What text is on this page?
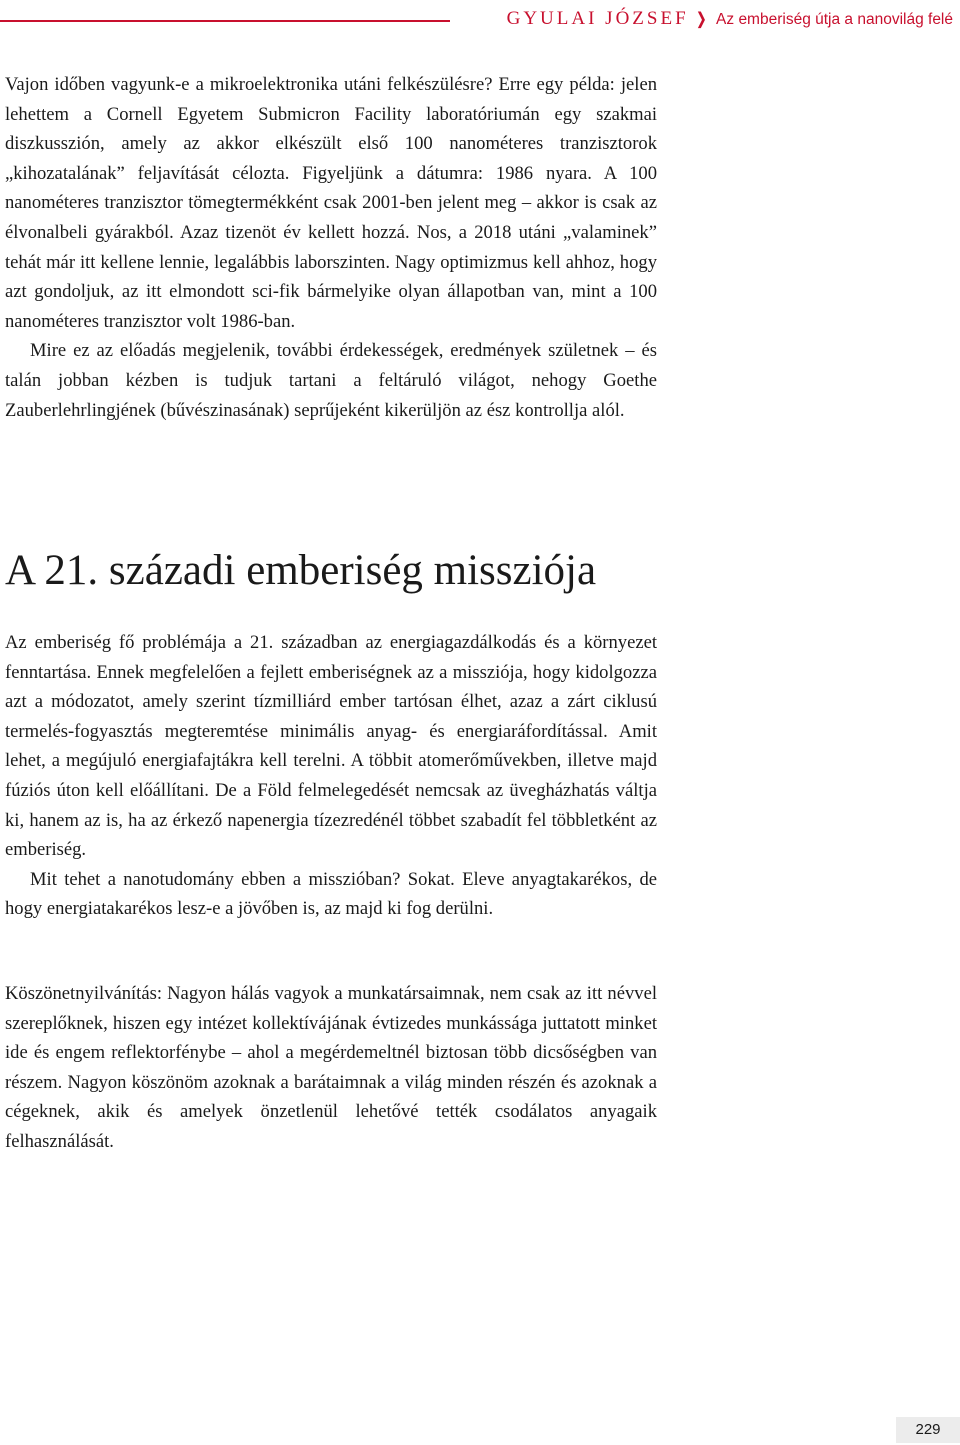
GYULAI JÓZSEF ❭ Az emberiség útja a nanovilág felé

Vajon időben vagyunk-e a mikroelektronika utáni felkészülésre? Erre egy példa: jelen lehettem a Cornell Egyetem Submicron Facility laboratóriumán egy szakmai diszkusszión, amely az akkor elkészült első 100 nanométeres tranzisztorok „kihozatalának” feljavítását célozta. Figyeljünk a dátumra: 1986 nyara. A 100 nanométeres tranzisztor tömegtermékként csak 2001-ben jelent meg – akkor is csak az élvonalbeli gyárakból. Azaz tizenöt év kellett hozzá. Nos, a 2018 utáni „valaminek” tehát már itt kellene lennie, legalábbis laborszinten. Nagy optimizmus kell ahhoz, hogy azt gondoljuk, az itt elmondott sci-fik bármelyike olyan állapotban van, mint a 100 nanométeres tranzisztor volt 1986-ban.

Mire ez az előadás megjelenik, további érdekességek, eredmények születnek – és talán jobban kézben is tudjuk tartani a feltáruló világot, nehogy Goethe Zauberlehrlingjének (bűvészinasának) seprűjeként kikerüljön az ész kontrollja alól.

A 21. századi emberiség missziója

Az emberiség fő problémája a 21. században az energiagazdálkodás és a környezet fenntartása. Ennek megfelelően a fejlett emberiségnek az a missziója, hogy kidolgozza azt a módozatot, amely szerint tízmilliárd ember tartósan élhet, azaz a zárt ciklusú termelés-fogyasztás megteremtése minimális anyag- és energiaráfordítással. Amit lehet, a megújuló energiafajtákra kell terelni. A többit atomerőművekben, illetve majd fúziós úton kell előállítani. De a Föld felmelegedését nemcsak az üvegházhatás váltja ki, hanem az is, ha az érkező napenergia tízezredénél többet szabadít fel többletként az emberiség.

Mit tehet a nanotudomány ebben a misszióban? Sokat. Eleve anyagtakarékos, de hogy energiatakarékos lesz-e a jövőben is, az majd ki fog derülni.

Köszönetnyilvánítás: Nagyon hálás vagyok a munkatársaimnak, nem csak az itt névvel szereplőknek, hiszen egy intézet kollektívájának évtizedes munkássága juttatott minket ide és engem reflektorfénybe – ahol a megérdemeltnél biztosan több dicsőségben van részem. Nagyon köszönöm azoknak a barátaimnak a világ minden részén és azoknak a cégeknek, akik és amelyek önzetlenül lehetővé tették csodálatos anyagaik felhasználását.

229
